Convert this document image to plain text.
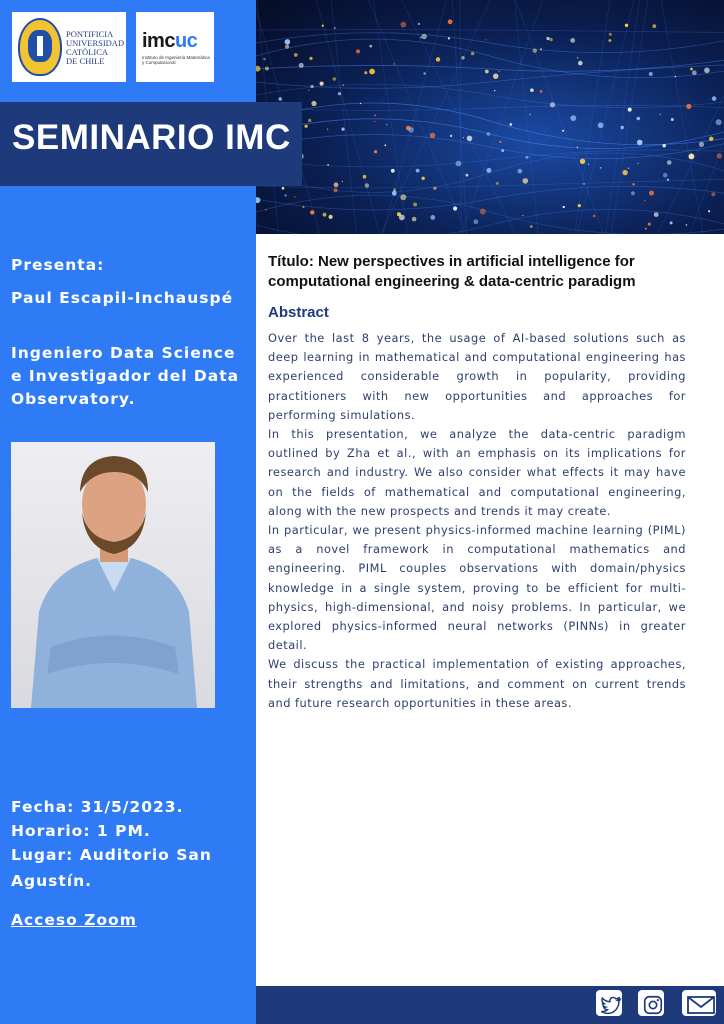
PONTIFICIA
UNIVERSIDAD
CATÓLICA
DE CHILE
imcuc
Instituto de Ingeniería Matemática y Computacional
SEMINARIO IMC
Presenta:
Paul Escapil-Inchauspé
Ingeniero Data Science e Investigador del Data Observatory.
Fecha: 31/5/2023.
Horario: 1 PM.
Lugar: Auditorio San Agustín.
Acceso Zoom
Título: New perspectives in artificial intelligence for computational engineering & data-centric paradigm
Abstract

Over the last 8 years, the usage of AI-based solutions such as deep learning in mathematical and computational engineering has experienced considerable growth in popularity, providing practitioners with new opportunities and approaches for performing simulations.

In this presentation, we analyze the data-centric paradigm outlined by Zha et al., with an emphasis on its implications for research and industry. We also consider what effects it may have on the fields of mathematical and computational engineering, along with the new prospects and trends it may create.

In particular, we present physics-informed machine learning (PIML) as a novel framework in computational mathematics and engineering. PIML couples observations with domain/physics knowledge in a single system, proving to be efficient for multi-physics, high-dimensional, and noisy problems. In particular, we explored physics-informed neural networks (PINNs) in greater detail.

We discuss the practical implementation of existing approaches, their strengths and limitations, and comment on current trends and future research opportunities in these areas.
